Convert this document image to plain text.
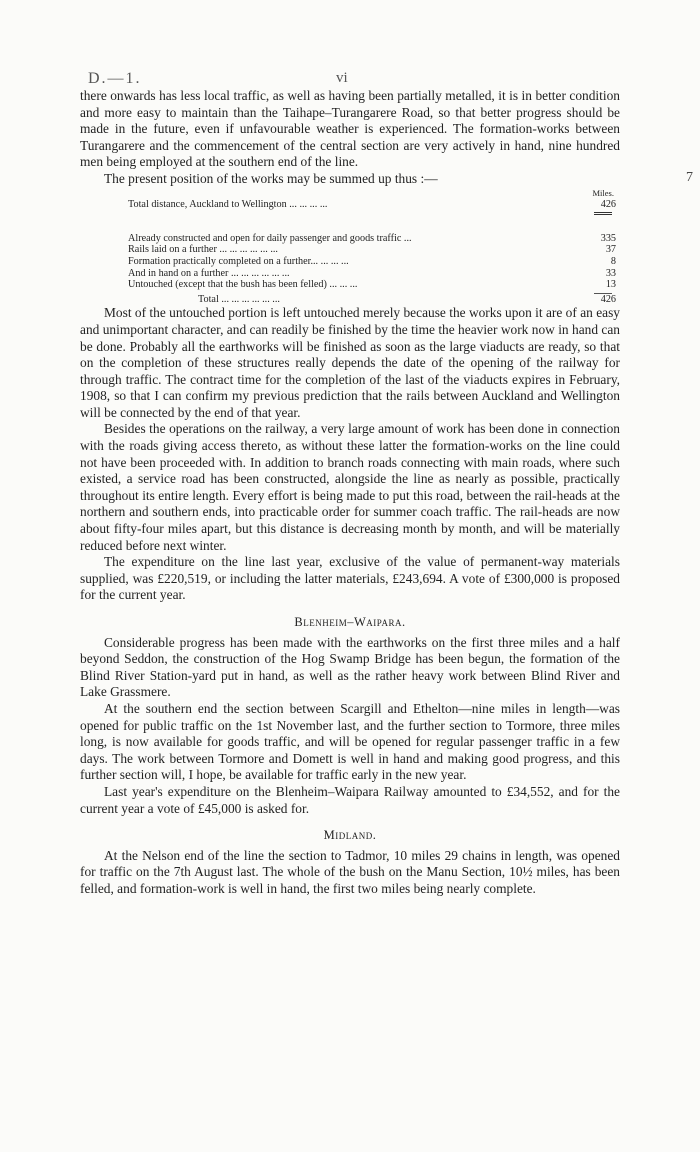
D.—1.	vi
7

there onwards has less local traffic, as well as having been partially metalled, it is in better condition and more easy to maintain than the Taihape–Turangarere Road, so that better progress should be made in the future, even if unfavourable weather is experienced. The formation-works between Turangarere and the commencement of the central section are very actively in hand, nine hundred men being employed at the southern end of the line.

The present position of the works may be summed up thus :—

Miles.
Total distance, Auckland to Wellington ... ... ... ...	426
Already constructed and open for daily passenger and goods traffic ...	335
Rails laid on a further ... ... ... ... ... ...	37
Formation practically completed on a further... ... ... ...	8
And in hand on a further ... ... ... ... ... ...	33
Untouched (except that the bush has been felled) ... ... ...	13
Total ... ... ... ... ... ...	426

Most of the untouched portion is left untouched merely because the works upon it are of an easy and unimportant character, and can readily be finished by the time the heavier work now in hand can be done. Probably all the earthworks will be finished as soon as the large viaducts are ready, so that on the completion of these structures really depends the date of the opening of the railway for through traffic. The contract time for the completion of the last of the viaducts expires in February, 1908, so that I can confirm my previous prediction that the rails between Auckland and Wellington will be connected by the end of that year.

Besides the operations on the railway, a very large amount of work has been done in connection with the roads giving access thereto, as without these latter the formation-works on the line could not have been proceeded with. In addition to branch roads connecting with main roads, where such existed, a service road has been constructed, alongside the line as nearly as possible, practically throughout its entire length. Every effort is being made to put this road, between the rail-heads at the northern and southern ends, into practicable order for summer coach traffic. The rail-heads are now about fifty-four miles apart, but this distance is decreasing month by month, and will be materially reduced before next winter.

The expenditure on the line last year, exclusive of the value of permanent-way materials supplied, was £220,519, or including the latter materials, £243,694. A vote of £300,000 is proposed for the current year.

Blenheim–Waipara.

Considerable progress has been made with the earthworks on the first three miles and a half beyond Seddon, the construction of the Hog Swamp Bridge has been begun, the formation of the Blind River Station-yard put in hand, as well as the rather heavy work between Blind River and Lake Grassmere.

At the southern end the section between Scargill and Ethelton—nine miles in length—was opened for public traffic on the 1st November last, and the further section to Tormore, three miles long, is now available for goods traffic, and will be opened for regular passenger traffic in a few days. The work between Tormore and Domett is well in hand and making good progress, and this further section will, I hope, be available for traffic early in the new year.

Last year's expenditure on the Blenheim–Waipara Railway amounted to £34,552, and for the current year a vote of £45,000 is asked for.

Midland.

At the Nelson end of the line the section to Tadmor, 10 miles 29 chains in length, was opened for traffic on the 7th August last. The whole of the bush on the Manu Section, 10½ miles, has been felled, and formation-work is well in hand, the first two miles being nearly complete.
